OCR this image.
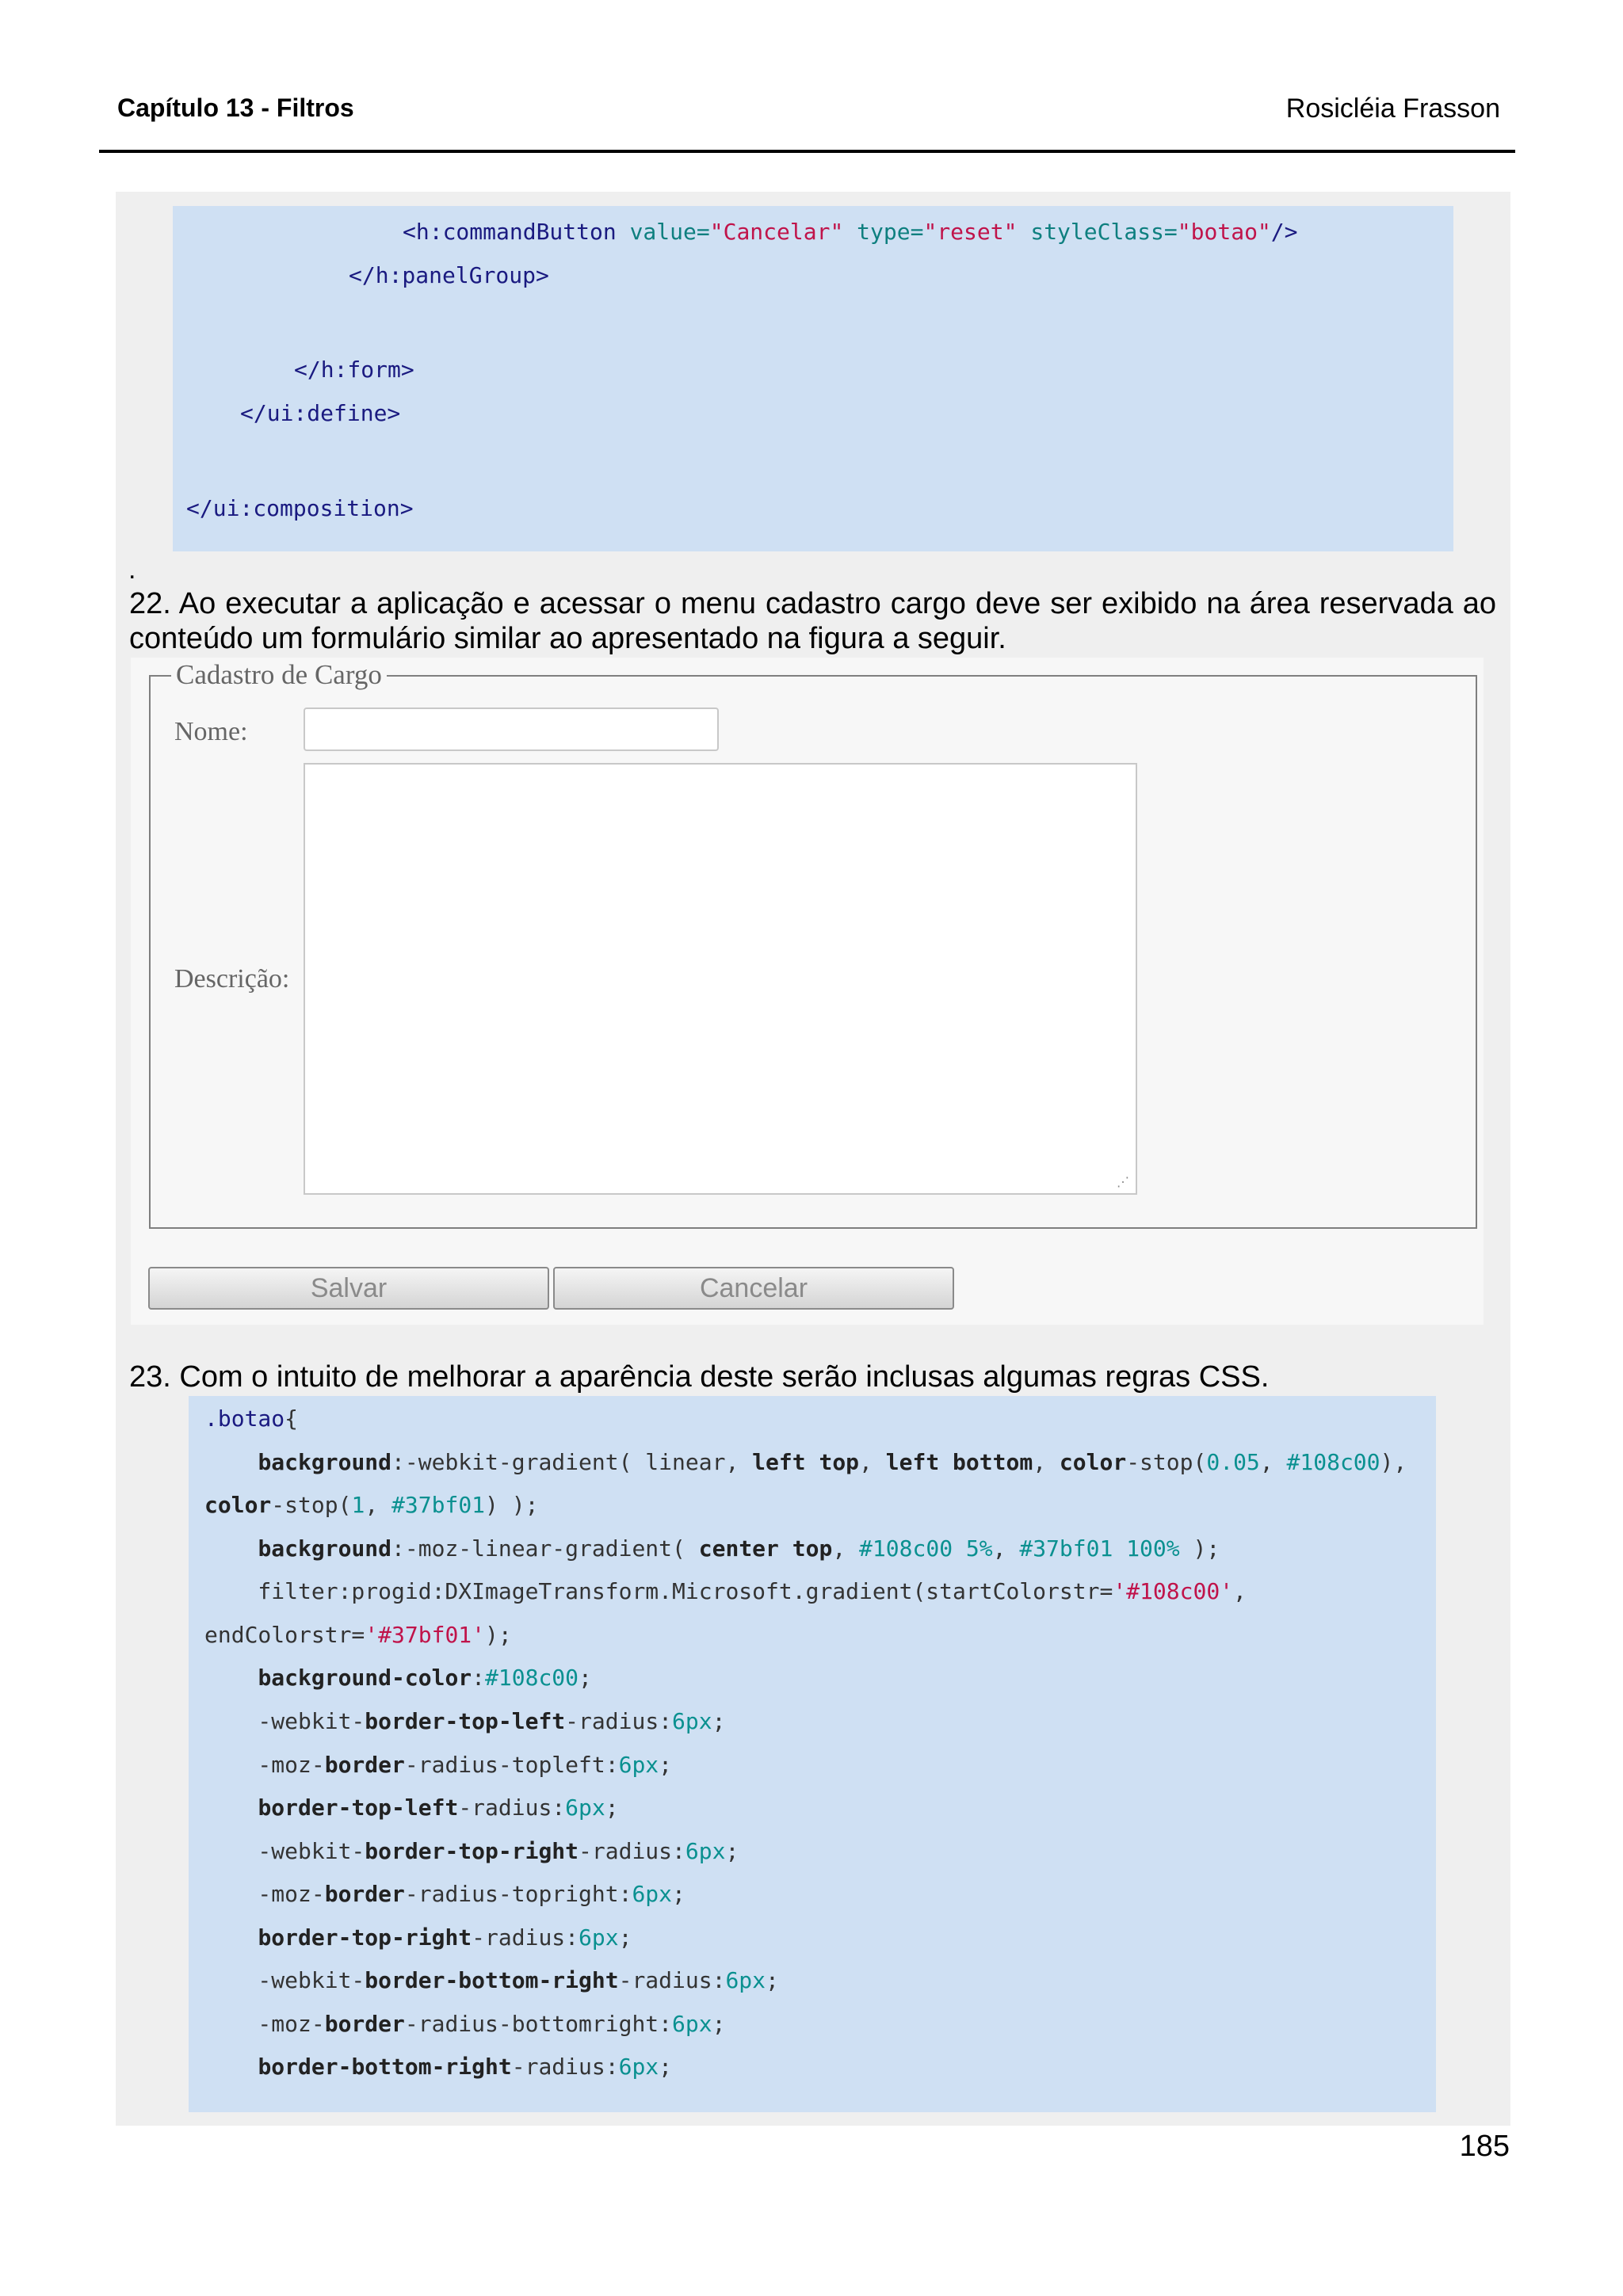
Capítulo 13 - Filtros	Rosicléia Frasson

<h:commandButton value="Cancelar" type="reset" styleClass="botao"/>

</h:panelGroup>

</h:form>

</ui:define>

</ui:composition>

.
22. Ao executar a aplicação e acessar o menu cadastro cargo deve ser exibido na área reservada ao conteúdo um formulário similar ao apresentado na figura a seguir.
Cadastro de Cargo
Nome:
Descrição:
⋰
Salvar	Cancelar
23. Com o intuito de melhorar a aparência deste serão inclusas algumas regras CSS.

.botao{

background:-webkit-gradient( linear, left top, left bottom, color-stop(0.05, #108c00),

color-stop(1, #37bf01) );

background:-moz-linear-gradient( center top, #108c00 5%, #37bf01 100% );

filter:progid:DXImageTransform.Microsoft.gradient(startColorstr='#108c00',

endColorstr='#37bf01');

background-color:#108c00;

-webkit-border-top-left-radius:6px;

-moz-border-radius-topleft:6px;

border-top-left-radius:6px;

-webkit-border-top-right-radius:6px;

-moz-border-radius-topright:6px;

border-top-right-radius:6px;

-webkit-border-bottom-right-radius:6px;

-moz-border-radius-bottomright:6px;

border-bottom-right-radius:6px;

185
